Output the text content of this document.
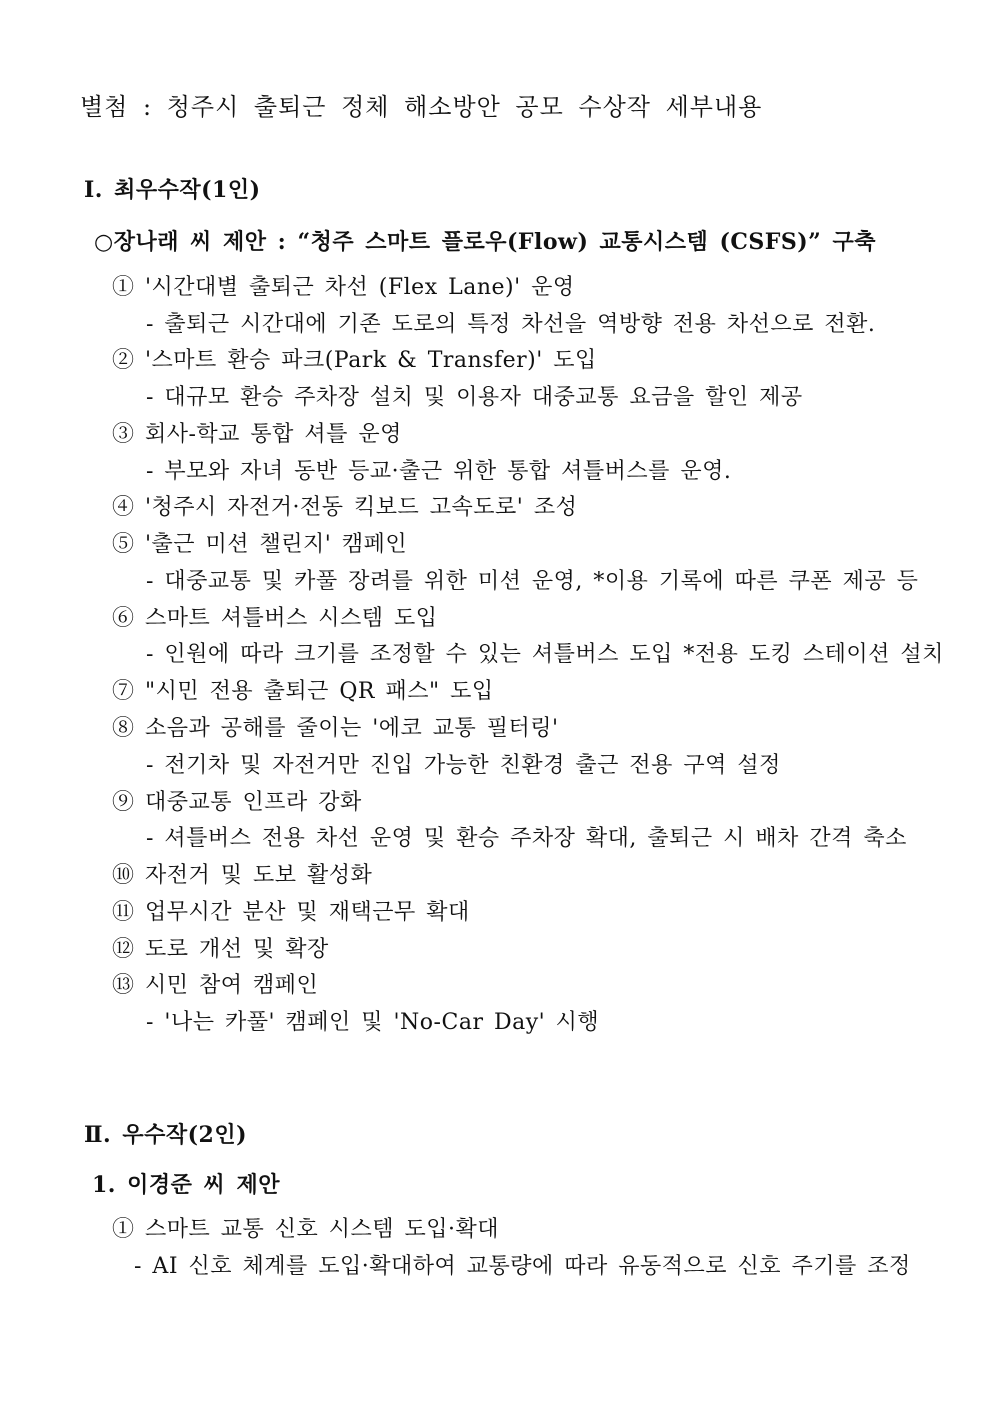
별첨 : 청주시 출퇴근 정체 해소방안 공모 수상작 세부내용
Ⅰ. 최우수작(1인)
○장나래 씨 제안 : “청주 스마트 플로우(Flow) 교통시스템 (CSFS)” 구축
① '시간대별 출퇴근 차선 (Flex Lane)' 운영
- 출퇴근 시간대에 기존 도로의 특정 차선을 역방향 전용 차선으로 전환.
② '스마트 환승 파크(Park & Transfer)' 도입
- 대규모 환승 주차장 설치 및 이용자 대중교통 요금을 할인 제공
③ 회사-학교 통합 셔틀 운영
- 부모와 자녀 동반 등교·출근 위한 통합 셔틀버스를 운영.
④ '청주시 자전거·전동 킥보드 고속도로' 조성
⑤ '출근 미션 챌린지' 캠페인
- 대중교통 및 카풀 장려를 위한 미션 운영, *이용 기록에 따른 쿠폰 제공 등
⑥ 스마트 셔틀버스 시스템 도입
- 인원에 따라 크기를 조정할 수 있는 셔틀버스 도입 *전용 도킹 스테이션 설치
⑦ "시민 전용 출퇴근 QR 패스" 도입
⑧ 소음과 공해를 줄이는 '에코 교통 필터링'
- 전기차 및 자전거만 진입 가능한 친환경 출근 전용 구역 설정
⑨ 대중교통 인프라 강화
- 셔틀버스 전용 차선 운영 및 환승 주차장 확대, 출퇴근 시 배차 간격 축소
⑩ 자전거 및 도보 활성화
⑪ 업무시간 분산 및 재택근무 확대
⑫ 도로 개선 및 확장
⑬ 시민 참여 캠페인
- '나는 카풀' 캠페인 및 'No-Car Day' 시행
Ⅱ. 우수작(2인)
1. 이경준 씨 제안
① 스마트 교통 신호 시스템 도입·확대
- AI 신호 체계를 도입·확대하여 교통량에 따라 유동적으로 신호 주기를 조정
